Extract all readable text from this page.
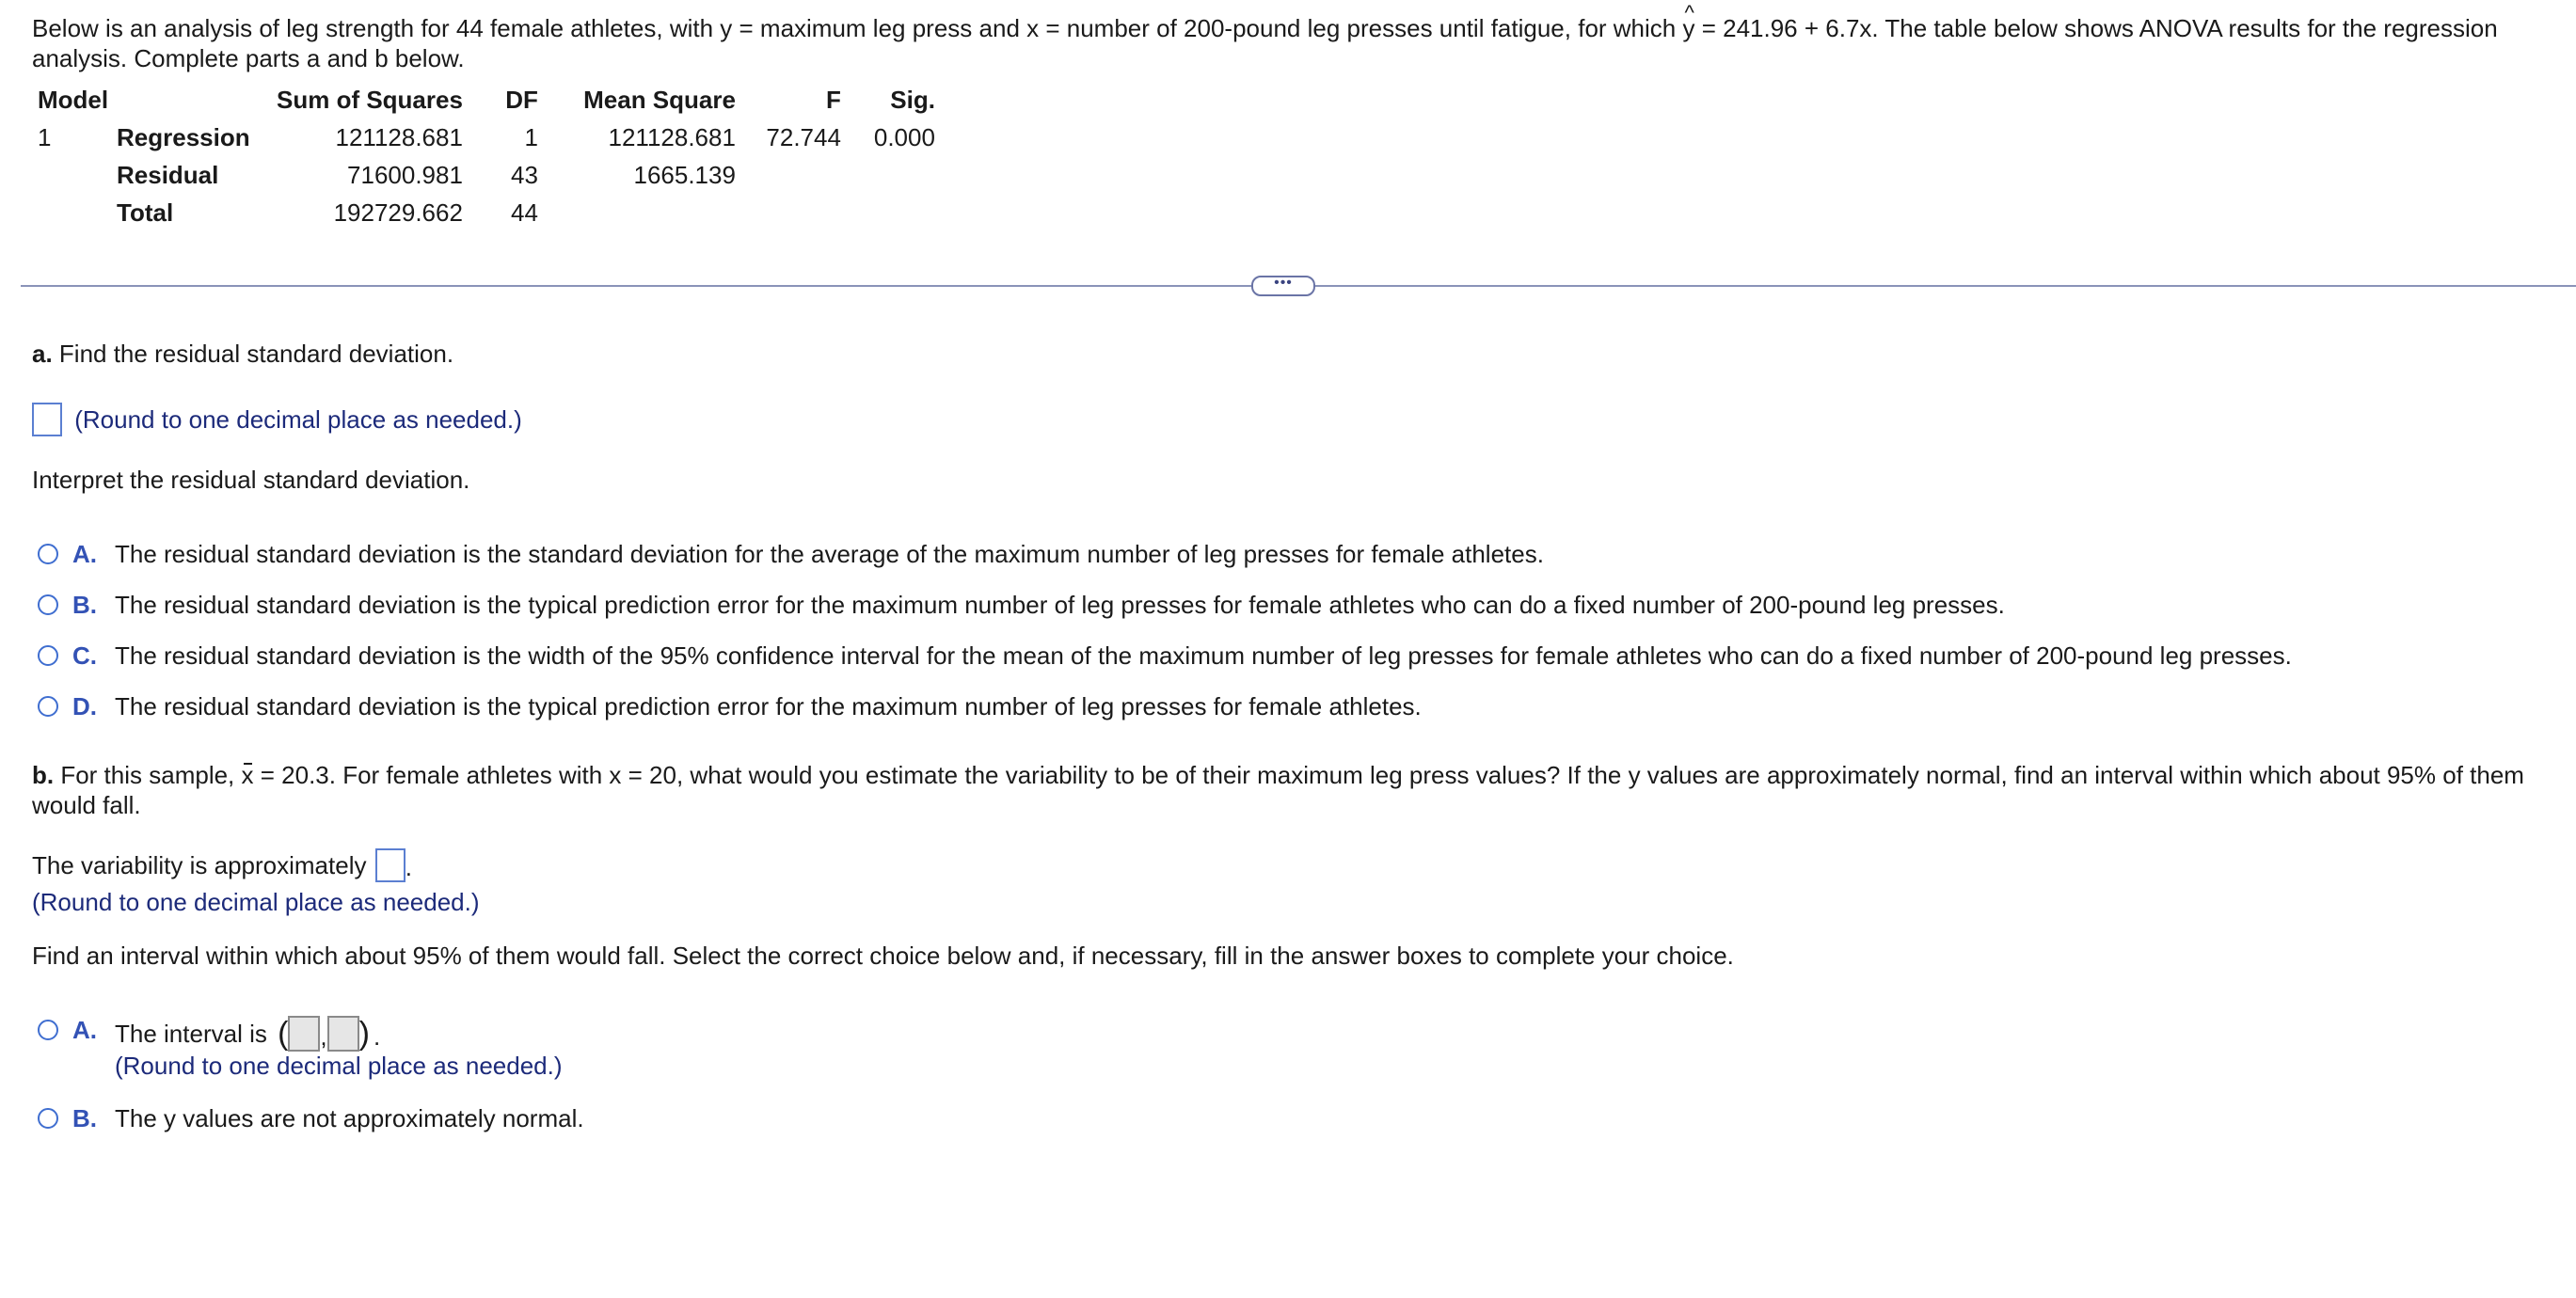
Below is an analysis of leg strength for 44 female athletes, with y = maximum leg press and x = number of 200-pound leg presses until fatigue, for which ^ y = 241.96 + 6.7x. The table below shows ANOVA results for the regression analysis. Complete parts a and b below.
Model		Sum of Squares	DF	Mean Square	F	Sig.
1	Regression	121128.681	1	121128.681	72.744	0.000
	Residual	71600.981	43	1665.139		
	Total	192729.662	44			
•••
a. Find the residual standard deviation.
(Round to one decimal place as needed.)
Interpret the residual standard deviation.
A. The residual standard deviation is the standard deviation for the average of the maximum number of leg presses for female athletes.
B. The residual standard deviation is the typical prediction error for the maximum number of leg presses for female athletes who can do a fixed number of 200-pound leg presses.
C. The residual standard deviation is the width of the 95% confidence interval for the mean of the maximum number of leg presses for female athletes who can do a fixed number of 200-pound leg presses.
D. The residual standard deviation is the typical prediction error for the maximum number of leg presses for female athletes.
b. For this sample, x = 20.3. For female athletes with x = 20, what would you estimate the variability to be of their maximum leg press values? If the y values are approximately normal, find an interval within which about 95% of them would fall.
The variability is approximately .
(Round to one decimal place as needed.)
Find an interval within which about 95% of them would fall. Select the correct choice below and, if necessary, fill in the answer boxes to complete your choice.
A. The interval is ( , ) .
(Round to one decimal place as needed.)
B. The y values are not approximately normal.
